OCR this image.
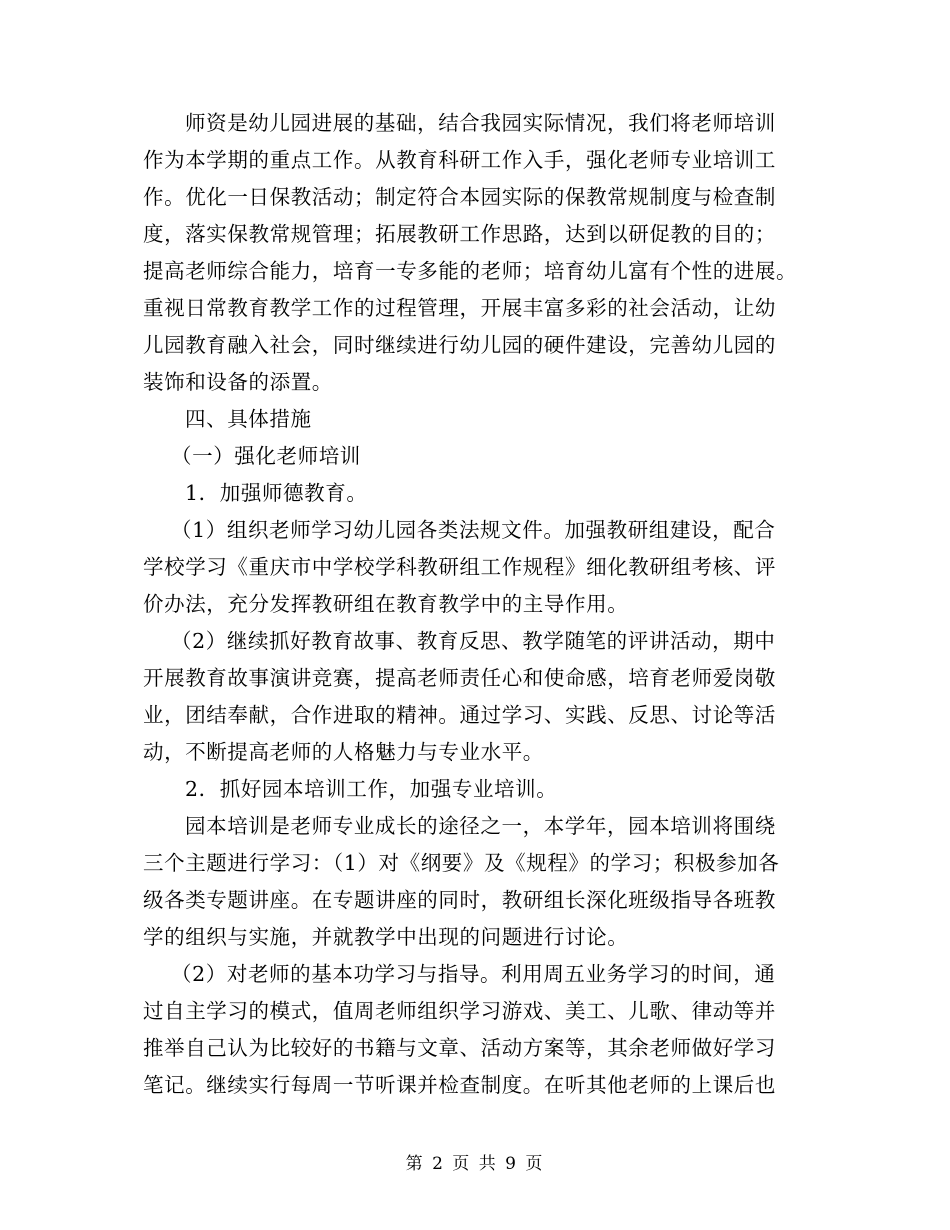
师资是幼儿园进展的基础，结合我园实际情况，我们将老师培训
作为本学期的重点工作。从教育科研工作入手，强化老师专业培训工
作。优化一日保教活动；制定符合本园实际的保教常规制度与检查制
度，落实保教常规管理；拓展教研工作思路，达到以研促教的目的；
提高老师综合能力，培育一专多能的老师；培育幼儿富有个性的进展。
重视日常教育教学工作的过程管理，开展丰富多彩的社会活动，让幼
儿园教育融入社会，同时继续进行幼儿园的硬件建设，完善幼儿园的
装饰和设备的添置。
四、具体措施
（一）强化老师培训
1．加强师德教育。
（1）组织老师学习幼儿园各类法规文件。加强教研组建设，配合
学校学习《重庆市中学校学科教研组工作规程》细化教研组考核、评
价办法，充分发挥教研组在教育教学中的主导作用。
（2）继续抓好教育故事、教育反思、教学随笔的评讲活动，期中
开展教育故事演讲竞赛，提高老师责任心和使命感，培育老师爱岗敬
业，团结奉献，合作进取的精神。通过学习、实践、反思、讨论等活
动，不断提高老师的人格魅力与专业水平。
2．抓好园本培训工作，加强专业培训。
园本培训是老师专业成长的途径之一，本学年，园本培训将围绕
三个主题进行学习：（1）对《纲要》及《规程》的学习；积极参加各
级各类专题讲座。在专题讲座的同时，教研组长深化班级指导各班教
学的组织与实施，并就教学中出现的问题进行讨论。
（2）对老师的基本功学习与指导。利用周五业务学习的时间，通
过自主学习的模式，值周老师组织学习游戏、美工、儿歌、律动等并
推举自己认为比较好的书籍与文章、活动方案等，其余老师做好学习
笔记。继续实行每周一节听课并检查制度。在听其他老师的上课后也
第 2 页 共 9 页
